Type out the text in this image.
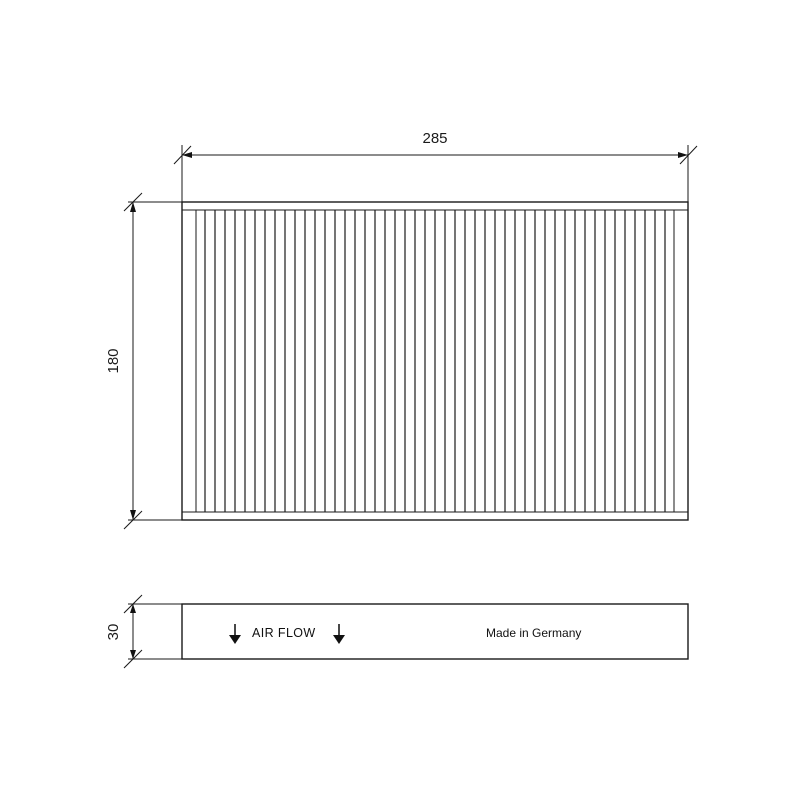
285
180
30	AIR FLOW	Made in Germany
